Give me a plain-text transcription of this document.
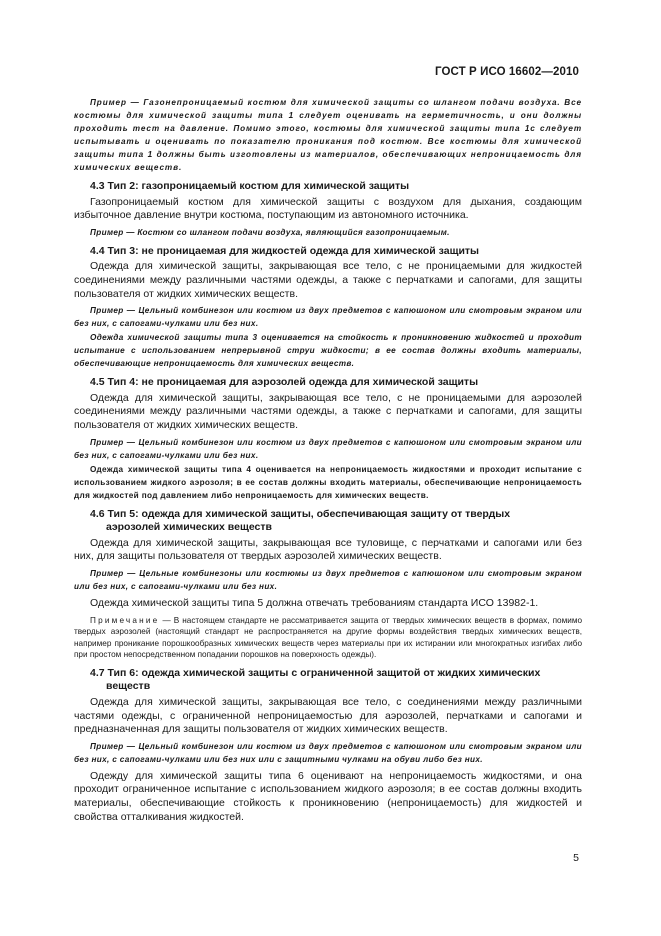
ГОСТ Р ИСО 16602—2010

Пример — Газонепроницаемый костюм для химической защиты со шлангом подачи воздуха. Все костюмы для химической защиты типа 1 следует оценивать на герметичность, и они должны проходить тест на давление. Помимо этого, костюмы для химической защиты типа 1с следует испытывать и оценивать по показателю проникания под костюм. Все костюмы для химической защиты типа 1 должны быть изготовлены из материалов, обеспечивающих непроницаемость для химических веществ.

4.3 Тип 2: газопроницаемый костюм для химической защиты

Газопроницаемый костюм для химической защиты с воздухом для дыхания, создающим избыточное давление внутри костюма, поступающим из автономного источника.

Пример — Костюм со шлангом подачи воздуха, являющийся газопроницаемым.

4.4 Тип 3: не проницаемая для жидкостей одежда для химической защиты

Одежда для химической защиты, закрывающая все тело, с не проницаемыми для жидкостей соединениями между различными частями одежды, а также с перчатками и сапогами, для защиты пользователя от жидких химических веществ.

Пример — Цельный комбинезон или костюм из двух предметов с капюшоном или смотровым экраном или без них, с сапогами-чулками или без них.

Одежда химической защиты типа 3 оценивается на стойкость к проникновению жидкостей и проходит испытание с использованием непрерывной струи жидкости; в ее состав должны входить материалы, обеспечивающие непроницаемость для химических веществ.

4.5 Тип 4: не проницаемая для аэрозолей одежда для химической защиты

Одежда для химической защиты, закрывающая все тело, с не проницаемыми для аэрозолей соединениями между различными частями одежды, а также с перчатками и сапогами, для защиты пользователя от жидких химических веществ.

Пример — Цельный комбинезон или костюм из двух предметов с капюшоном или смотровым экраном или без них, с сапогами-чулками или без них.

Одежда химической защиты типа 4 оценивается на непроницаемость жидкостями и проходит испытание с использованием жидкого аэрозоля; в ее состав должны входить материалы, обеспечивающие непроницаемость для жидкостей под давлением либо непроницаемость для химических веществ.

4.6 Тип 5: одежда для химической защиты, обеспечивающая защиту от твердых
аэрозолей химических веществ

Одежда для химической защиты, закрывающая все туловище, с перчатками и сапогами или без них, для защиты пользователя от твердых аэрозолей химических веществ.

Пример — Цельные комбинезоны или костюмы из двух предметов с капюшоном или смотровым экраном или без них, с сапогами-чулками или без них.

Одежда химической защиты типа 5 должна отвечать требованиям стандарта ИСО 13982-1.

Примечание — В настоящем стандарте не рассматривается защита от твердых химических веществ в формах, помимо твердых аэрозолей (настоящий стандарт не распространяется на другие формы воздействия твердых химических веществ, например проникание порошкообразных химических веществ через материалы при их истирании или многократных изгибах либо при простом непосредственном попадании порошков на поверхность одежды).

4.7 Тип 6: одежда химической защиты с ограниченной защитой от жидких химических
веществ

Одежда для химической защиты, закрывающая все тело, с соединениями между различными частями одежды, с ограниченной непроницаемостью для аэрозолей, перчатками и сапогами и предназначенная для защиты пользователя от жидких химических веществ.

Пример — Цельный комбинезон или костюм из двух предметов с капюшоном или смотровым экраном или без них, с сапогами-чулками или без них или с защитными чулками на обуви либо без них.

Одежду для химической защиты типа 6 оценивают на непроницаемость жидкостями, и она проходит ограниченное испытание с использованием жидкого аэрозоля; в ее состав должны входить материалы, обеспечивающие стойкость к проникновению (непроницаемость) для жидкостей и свойства отталкивания жидкостей.

5
